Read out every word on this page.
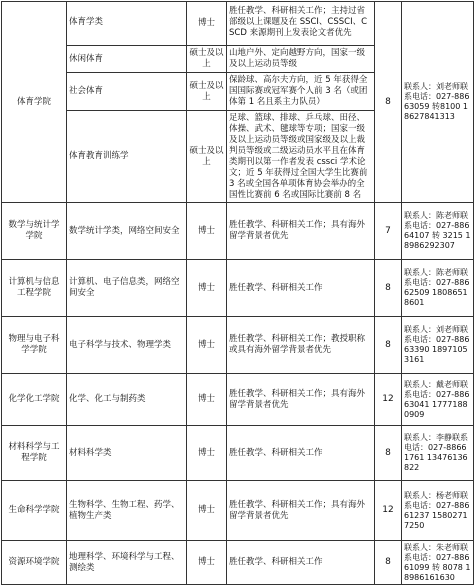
体育学院	体育学类	博士	胜任教学、科研相关工作；主持过省部级以上课题及在 SSCI、CSSCI、CSCD 来源期刊上发表论文者优先	8	联系人：刘老师联系电话：027-88663059 转8100 18627841313
	休闲体育	硕士及以上	山地户外、定向越野方向，国家一级及以上运动员等级		
	社会体育	硕士及以上	保龄球、高尔夫方向，近 5 年获得全国国际赛或冠军赛个人前 3 名（或团体第 1 名且系主力队员）		
	体育教育训练学	硕士及以上	足球、篮球、排球、乒乓球、田径、体操、武术、毽球等专项；国家一级及以上运动员等级或国家级及以上裁判员等级或二级运动员水平且在体育类期刊以第一作者发表 cssci 学术论文；近 5 年获得过全国大学生比赛前 3 名或全国各单项体育协会举办的全国性比赛前 6 名或国际比赛前 8 名		
数学与统计学学院	数学统计学类，网络空间安全	博士	胜任教学、科研相关工作；具有海外留学背景者优先	7	联系人：陈老师联系电话：027-88664107 转 3215 18986292307
计算机与信息工程学院	计算机、电子信息类，网络空间安全	博士	胜任教学、科研相关工作	8	联系人：陈老师联系电话：027-88662509 18086518601
物理与电子科学学院	电子科学与技术、物理学类	博士	胜任教学、科研相关工作；教授职称或具有海外留学背景者优先	8	联系人：刘老师联系电话：027-88663390 18971053161
化学化工学院	化学、化工与制药类	博士	胜任教学、科研相关工作；具有海外留学背景者优先	12	联系人：戴老师联系电话：027-88663041 17771880909
材料科学与工程学院	材料科学类	博士	胜任教学、科研相关工作	8	联系人：李静联系电话：027-88661761 13476136822
生命科学学院	生物科学、生物工程、药学、植物生产类	博士	胜任教学、科研相关工作；具有海外留学背景者优先	12	联系人：杨老师联系电话：027-88661237 15802717250
资源环境学院	地理科学、环境科学与工程、测绘类	博士	胜任教学、科研相关工作	8	联系人：朱老师联系电话：027-88661099 转 8078 18986161630
